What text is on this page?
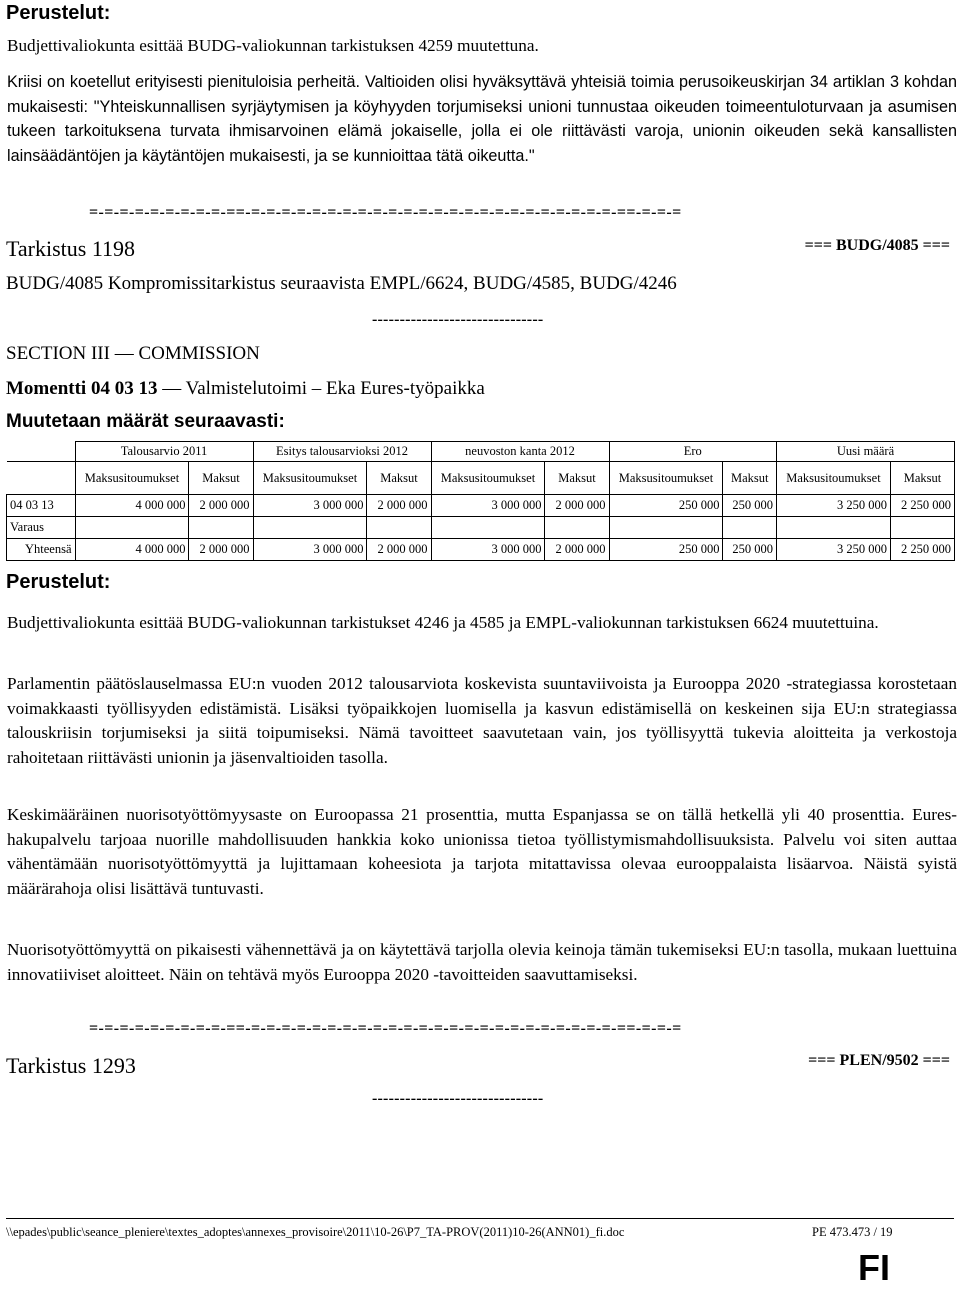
Perustelut:

Budjettivaliokunta esittää BUDG-valiokunnan tarkistuksen 4259 muutettuna.

Kriisi on koetellut erityisesti pienituloisia perheitä. Valtioiden olisi hyväksyttävä yhteisiä toimia perusoikeuskirjan 34 artiklan 3 kohdan mukaisesti: "Yhteiskunnallisen syrjäytymisen ja köyhyyden torjumiseksi unioni tunnustaa oikeuden toimeentuloturvaan ja asumisen tukeen tarkoituksena turvata ihmisarvoinen elämä jokaiselle, jolla ei ole riittävästi varoja, unionin oikeuden sekä kansallisten lainsäädäntöjen ja käytäntöjen mukaisesti, ja se kunnioittaa tätä oikeutta."

=-=-=-=-=-=-=-=-=-==-=-=-=-=-=-=-=-=-=-=-=-=-=-=-=-=-=-=-=-=-=-=-=-=-==-=-=-=
Tarkistus 1198	=== BUDG/4085 ===
BUDG/4085 Kompromissitarkistus seuraavista EMPL/6624, BUDG/4585, BUDG/4246
-------------------------------
SECTION III — COMMISSION
Momentti 04 03 13 — Valmistelutoimi – Eka Eures-työpaikka
Muutetaan määrät seuraavasti:
	Talousarvio 2011		Esitys talousarvioksi 2012		neuvoston kanta 2012		Ero		Uusi määrä	
	Maksusitoumukset	Maksut	Maksusitoumukset	Maksut	Maksusitoumukset	Maksut	Maksusitoumukset	Maksut	Maksusitoumukset	Maksut
04 03 13	4 000 000	2 000 000	3 000 000	2 000 000	3 000 000	2 000 000	250 000	250 000	3 250 000	2 250 000
Varaus										
Yhteensä	4 000 000	2 000 000	3 000 000	2 000 000	3 000 000	2 000 000	250 000	250 000	3 250 000	2 250 000
Perustelut:

Budjettivaliokunta esittää BUDG-valiokunnan tarkistukset 4246 ja 4585 ja EMPL-valiokunnan tarkistuksen 6624 muutettuina.

Parlamentin päätöslauselmassa EU:n vuoden 2012 talousarviota koskevista suuntaviivoista ja Eurooppa 2020 -strategiassa korostetaan voimakkaasti työllisyyden edistämistä. Lisäksi työpaikkojen luomisella ja kasvun edistämisellä on keskeinen sija EU:n strategiassa talouskriisin torjumiseksi ja siitä toipumiseksi. Nämä tavoitteet saavutetaan vain, jos työllisyyttä tukevia aloitteita ja verkostoja rahoitetaan riittävästi unionin ja jäsenvaltioiden tasolla.

Keskimääräinen nuorisotyöttömyysaste on Euroopassa 21 prosenttia, mutta Espanjassa se on tällä hetkellä yli 40 prosenttia. Eures-hakupalvelu tarjoaa nuorille mahdollisuuden hankkia koko unionissa tietoa työllistymismahdollisuuksista. Palvelu voi siten auttaa vähentämään nuorisotyöttömyyttä ja lujittamaan koheesiota ja tarjota mitattavissa olevaa eurooppalaista lisäarvoa. Näistä syistä määrärahoja olisi lisättävä tuntuvasti.

Nuorisotyöttömyyttä on pikaisesti vähennettävä ja on käytettävä tarjolla olevia keinoja tämän tukemiseksi EU:n tasolla, mukaan luettuina innovatiiviset aloitteet. Näin on tehtävä myös Eurooppa 2020 -tavoitteiden saavuttamiseksi.

=-=-=-=-=-=-=-=-=-==-=-=-=-=-=-=-=-=-=-=-=-=-=-=-=-=-=-=-=-=-=-=-=-=-==-=-=-=
Tarkistus 1293	=== PLEN/9502 ===
-------------------------------
\\epades\public\seance_pleniere\textes_adoptes\annexes_provisoire\2011\10-26\P7_TA-PROV(2011)10-26(ANN01)_fi.doc	PE 473.473 / 19
FI
